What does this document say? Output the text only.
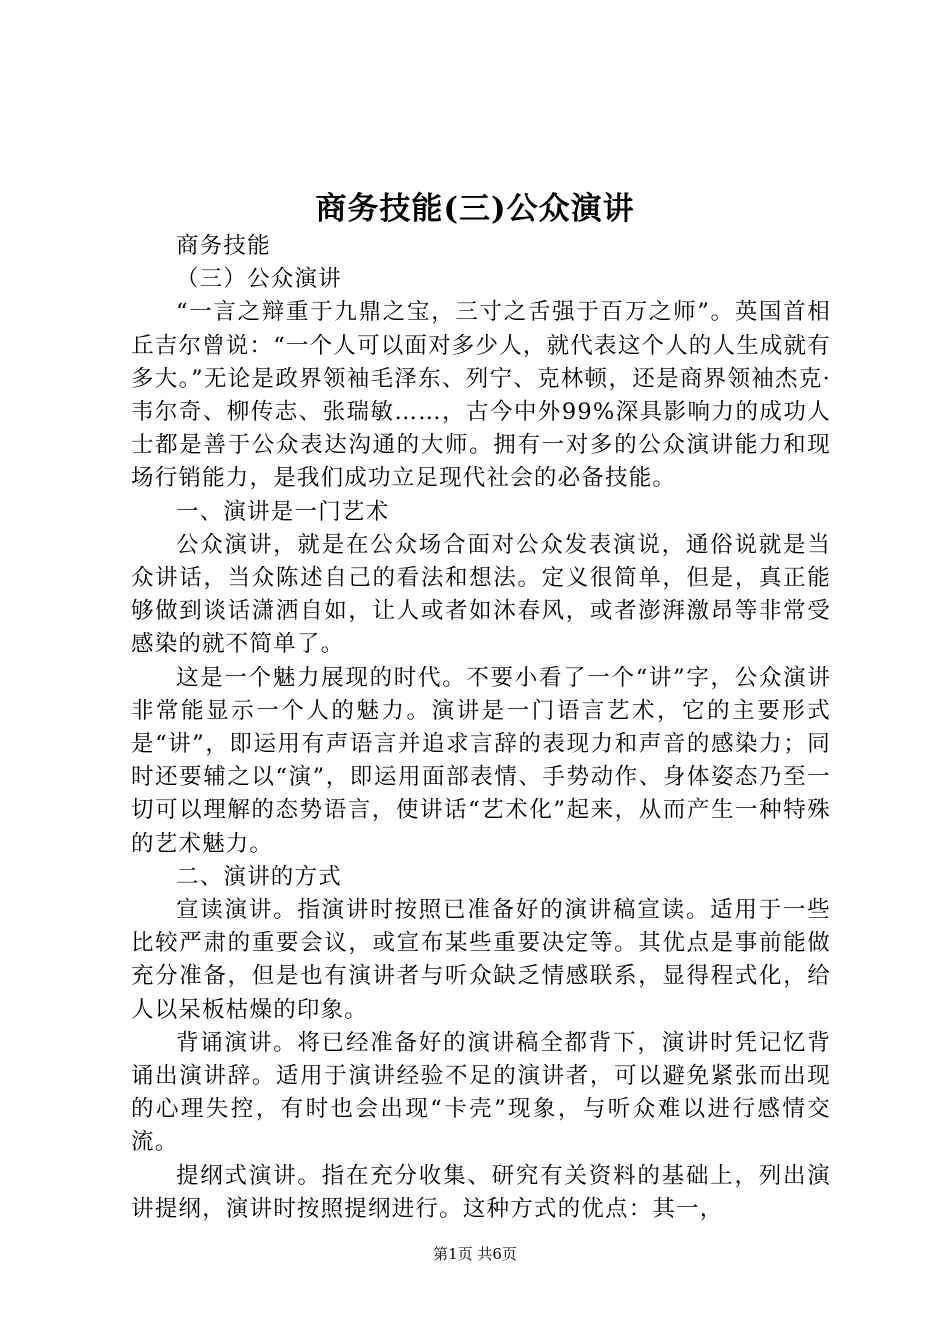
商务技能(三)公众演讲

商务技能

（三）公众演讲

“一言之辩重于九鼎之宝，三寸之舌强于百万之师”。英国首相丘吉尔曾说：“一个人可以面对多少人，就代表这个人的人生成就有多大。”无论是政界领袖毛泽东、列宁、克林顿，还是商界领袖杰克·韦尔奇、柳传志、张瑞敏……，古今中外99%深具影响力的成功人士都是善于公众表达沟通的大师。拥有一对多的公众演讲能力和现场行销能力，是我们成功立足现代社会的必备技能。

一、演讲是一门艺术

公众演讲，就是在公众场合面对公众发表演说，通俗说就是当众讲话，当众陈述自己的看法和想法。定义很简单，但是，真正能够做到谈话潇洒自如，让人或者如沐春风，或者澎湃激昂等非常受感染的就不简单了。

这是一个魅力展现的时代。不要小看了一个“讲”字，公众演讲非常能显示一个人的魅力。演讲是一门语言艺术，它的主要形式是“讲”，即运用有声语言并追求言辞的表现力和声音的感染力；同时还要辅之以“演”，即运用面部表情、手势动作、身体姿态乃至一切可以理解的态势语言，使讲话“艺术化”起来，从而产生一种特殊的艺术魅力。

二、演讲的方式

宣读演讲。指演讲时按照已准备好的演讲稿宣读。适用于一些比较严肃的重要会议，或宣布某些重要决定等。其优点是事前能做充分准备，但是也有演讲者与听众缺乏情感联系，显得程式化，给人以呆板枯燥的印象。

背诵演讲。将已经准备好的演讲稿全都背下，演讲时凭记忆背诵出演讲辞。适用于演讲经验不足的演讲者，可以避免紧张而出现的心理失控，有时也会出现“卡壳”现象，与听众难以进行感情交流。

提纲式演讲。指在充分收集、研究有关资料的基础上，列出演讲提纲，演讲时按照提纲进行。这种方式的优点：其一，

第1页 共6页
